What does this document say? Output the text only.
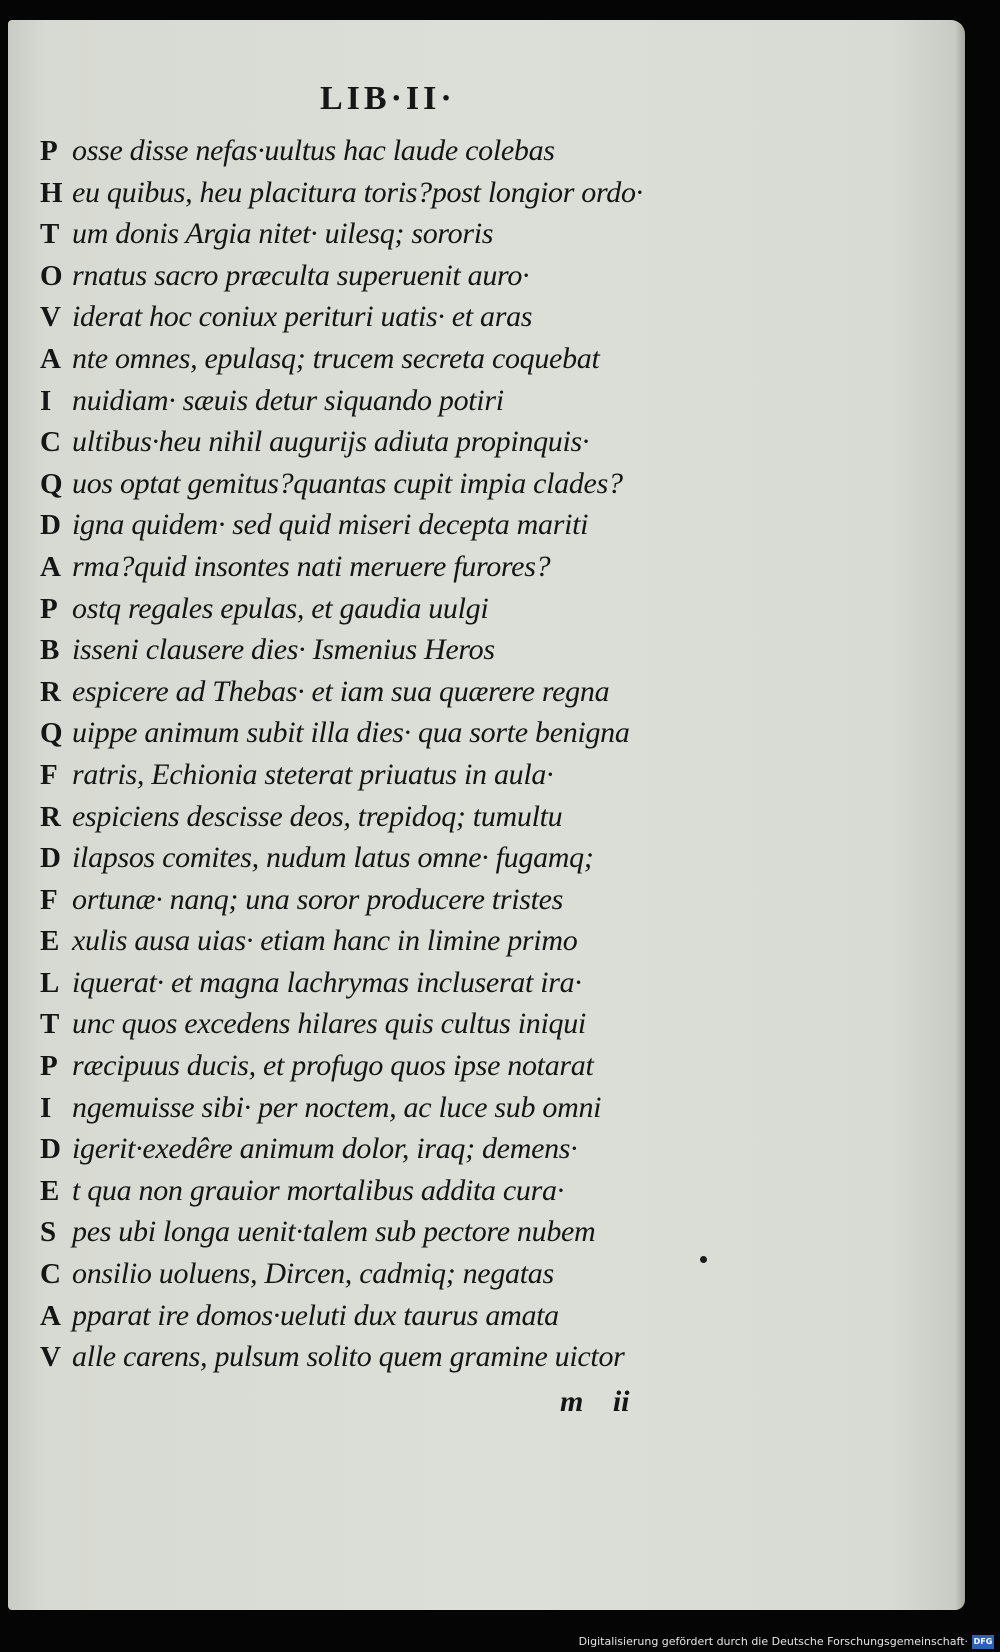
LIB·II·
P osse disse nefas·uultus hac laude colebas
H eu quibus, heu placitura toris?post longior ordo·
T um donis Argia nitet· uilesq; sororis
O rnatus sacro præculta superuenit auro·
V iderat hoc coniux perituri uatis· et aras
A nte omnes, epulasq; trucem secreta coquebat
I nuidiam· sæuis detur siquando potiri
C ultibus·heu nihil augurijs adiuta propinquis·
Q uos optat gemitus?quantas cupit impia clades?
D igna quidem· sed quid miseri decepta mariti
A rma?quid insontes nati meruere furores?
P ostq regales epulas, et gaudia uulgi
B isseni clausere dies· Ismenius Heros
R espicere ad Thebas· et iam sua quærere regna
Q uippe animum subit illa dies· qua sorte benigna
F ratris, Echionia steterat priuatus in aula·
R espiciens descisse deos, trepidoq; tumultu
D ilapsos comites, nudum latus omne· fugamq;
F ortunæ· nanq; una soror producere tristes
E xulis ausa uias· etiam hanc in limine primo
L iquerat· et magna lachrymas incluserat ira·
T unc quos excedens hilares quis cultus iniqui
P ræcipuus ducis, et profugo quos ipse notarat
I ngemuisse sibi· per noctem, ac luce sub omni
D igerit·exedêre animum dolor, iraq; demens·
E t qua non grauior mortalibus addita cura·
S pes ubi longa uenit·talem sub pectore nubem
C onsilio uoluens, Dircen, cadmiq; negatas
A pparat ire domos·ueluti dux taurus amata
V alle carens, pulsum solito quem gramine uictor
m ii
Digitalisierung gefördert durch die Deutsche Forschungsgemeinschaft· DFG
